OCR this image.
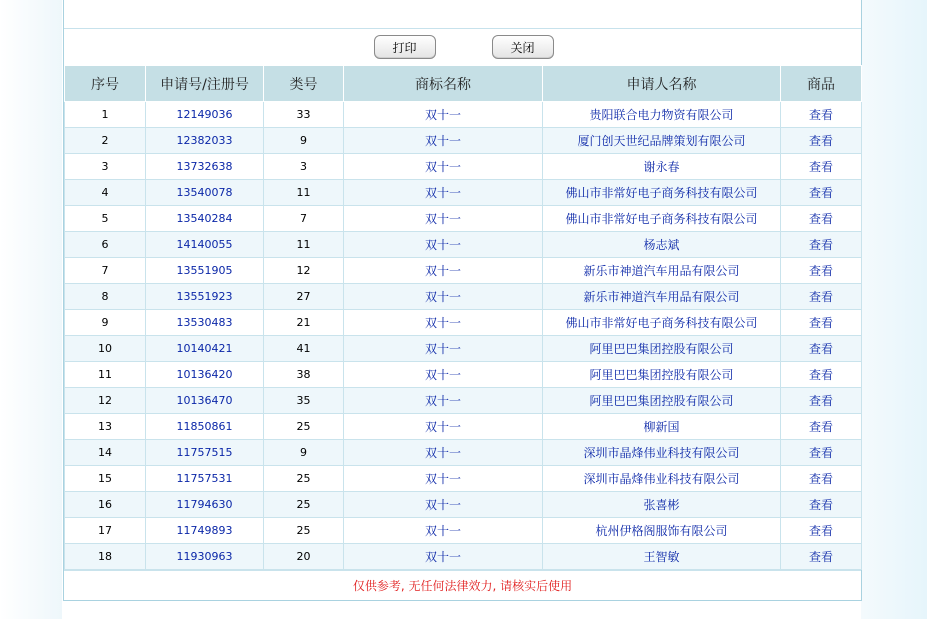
打印	关闭
序号	申请号/注册号	类号	商标名称	申请人名称	商品
1	12149036	33	双十一	贵阳联合电力物资有限公司	查看
2	12382033	9	双十一	厦门创天世纪品牌策划有限公司	查看
3	13732638	3	双十一	谢永春	查看
4	13540078	11	双十一	佛山市非常好电子商务科技有限公司	查看
5	13540284	7	双十一	佛山市非常好电子商务科技有限公司	查看
6	14140055	11	双十一	杨志斌	查看
7	13551905	12	双十一	新乐市神道汽车用品有限公司	查看
8	13551923	27	双十一	新乐市神道汽车用品有限公司	查看
9	13530483	21	双十一	佛山市非常好电子商务科技有限公司	查看
10	10140421	41	双十一	阿里巴巴集团控股有限公司	查看
11	10136420	38	双十一	阿里巴巴集团控股有限公司	查看
12	10136470	35	双十一	阿里巴巴集团控股有限公司	查看
13	11850861	25	双十一	柳新国	查看
14	11757515	9	双十一	深圳市晶烽伟业科技有限公司	查看
15	11757531	25	双十一	深圳市晶烽伟业科技有限公司	查看
16	11794630	25	双十一	张喜彬	查看
17	11749893	25	双十一	杭州伊格阁服饰有限公司	查看
18	11930963	20	双十一	王智敏	查看
仅供参考, 无任何法律效力, 请核实后使用
